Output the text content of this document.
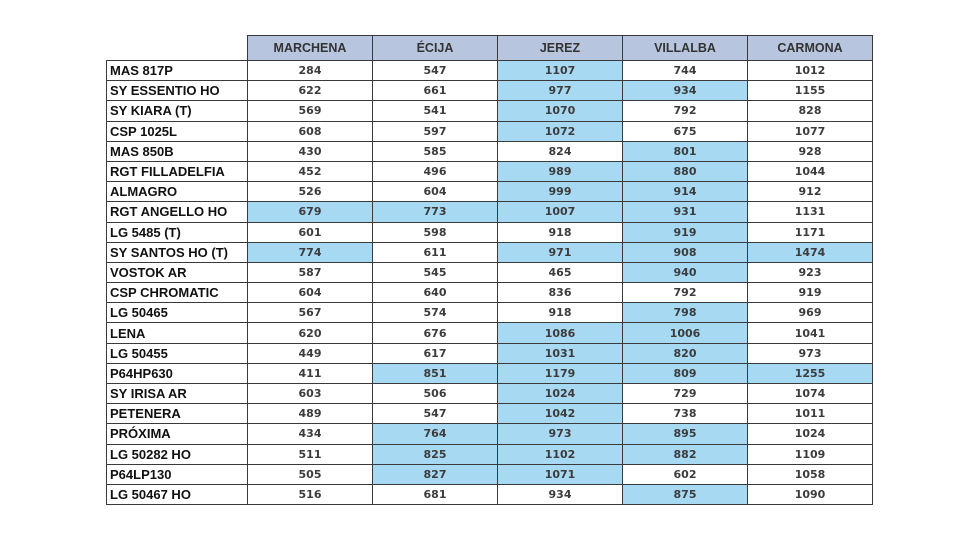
	MARCHENA	ÉCIJA	JEREZ	VILLALBA	CARMONA
MAS 817P	284	547	1107	744	1012
SY ESSENTIO HO	622	661	977	934	1155
SY KIARA (T)	569	541	1070	792	828
CSP 1025L	608	597	1072	675	1077
MAS 850B	430	585	824	801	928
RGT FILLADELFIA	452	496	989	880	1044
ALMAGRO	526	604	999	914	912
RGT ANGELLO HO	679	773	1007	931	1131
LG 5485 (T)	601	598	918	919	1171
SY SANTOS HO (T)	774	611	971	908	1474
VOSTOK AR	587	545	465	940	923
CSP CHROMATIC	604	640	836	792	919
LG 50465	567	574	918	798	969
LENA	620	676	1086	1006	1041
LG 50455	449	617	1031	820	973
P64HP630	411	851	1179	809	1255
SY IRISA AR	603	506	1024	729	1074
PETENERA	489	547	1042	738	1011
PRÓXIMA	434	764	973	895	1024
LG 50282 HO	511	825	1102	882	1109
P64LP130	505	827	1071	602	1058
LG 50467 HO	516	681	934	875	1090
